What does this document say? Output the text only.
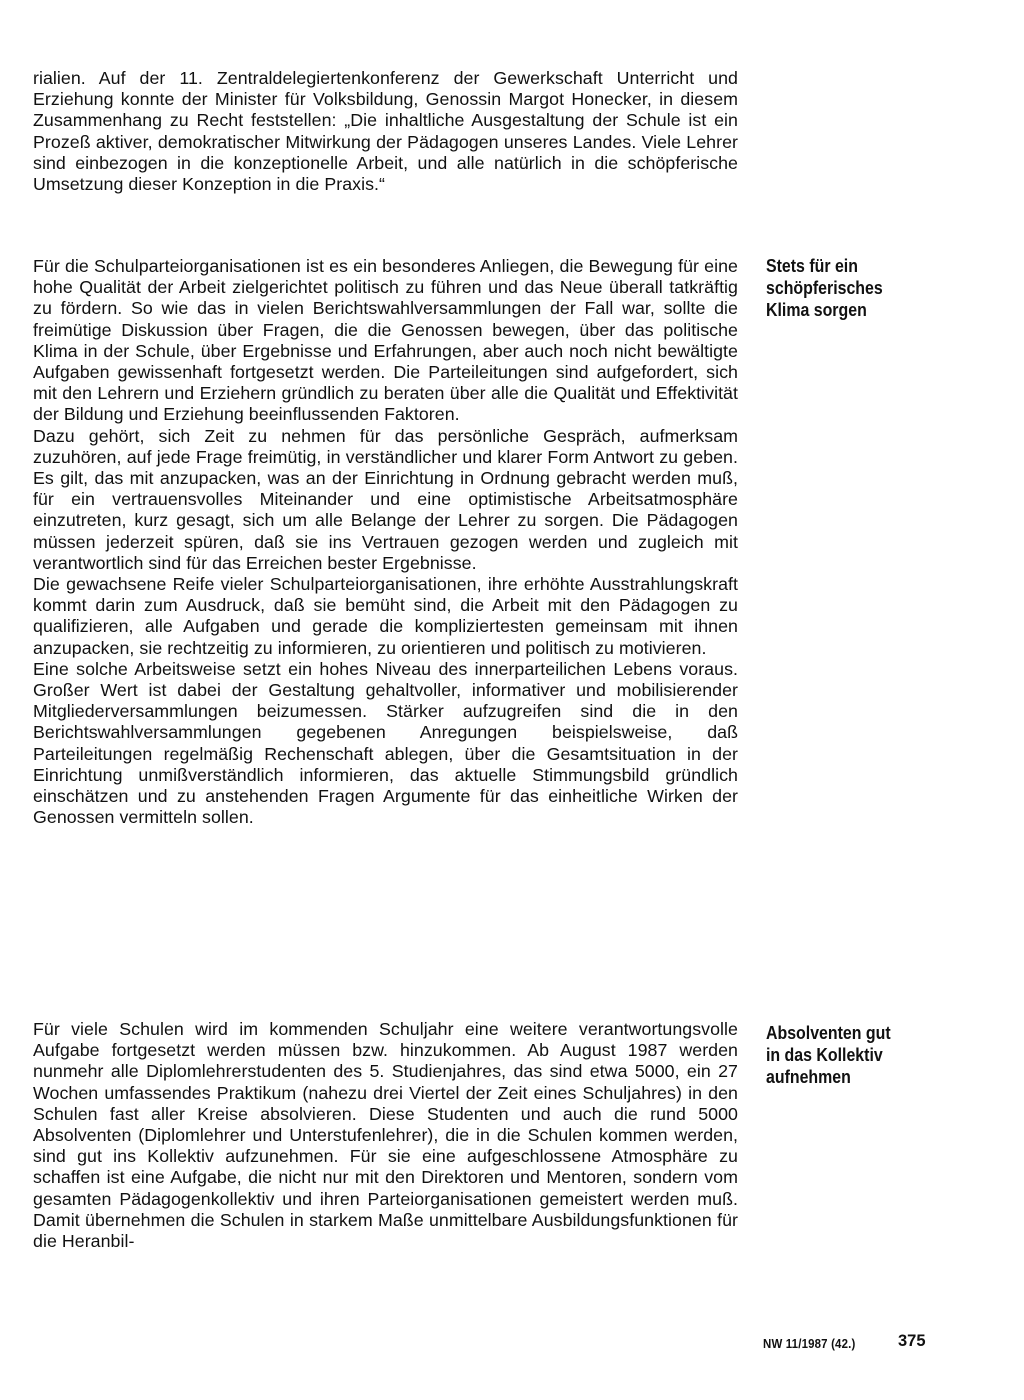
rialien. Auf der 11. Zentraldelegiertenkonferenz der Gewerkschaft Unterricht und Erziehung konnte der Minister für Volksbildung, Genossin Margot Honecker, in diesem Zusammenhang zu Recht feststellen: „Die inhaltliche Ausgestaltung der Schule ist ein Prozeß aktiver, demokratischer Mitwirkung der Pädagogen unseres Landes. Viele Lehrer sind einbezogen in die konzeptionelle Arbeit, und alle natürlich in die schöpferische Umsetzung dieser Konzeption in die Praxis.“

Stets für ein
schöpferisches
Klima sorgen

Für die Schulparteiorganisationen ist es ein besonderes Anliegen, die Bewegung für eine hohe Qualität der Arbeit zielgerichtet politisch zu führen und das Neue überall tatkräftig zu fördern. So wie das in vielen Berichtswahlversammlungen der Fall war, sollte die freimütige Diskussion über Fragen, die die Genossen bewegen, über das politische Klima in der Schule, über Ergebnisse und Erfahrungen, aber auch noch nicht bewältigte Aufgaben gewissenhaft fortgesetzt werden. Die Parteileitungen sind aufgefordert, sich mit den Lehrern und Erziehern gründlich zu beraten über alle die Qualität und Effektivität der Bildung und Erziehung beeinflussenden Faktoren.

Dazu gehört, sich Zeit zu nehmen für das persönliche Gespräch, aufmerksam zuzuhören, auf jede Frage freimütig, in verständlicher und klarer Form Antwort zu geben. Es gilt, das mit anzupacken, was an der Einrichtung in Ordnung gebracht werden muß, für ein vertrauensvolles Miteinander und eine optimistische Arbeitsatmosphäre einzutreten, kurz gesagt, sich um alle Belange der Lehrer zu sorgen. Die Pädagogen müssen jederzeit spüren, daß sie ins Vertrauen gezogen werden und zugleich mit verantwortlich sind für das Erreichen bester Ergebnisse.

Die gewachsene Reife vieler Schulparteiorganisationen, ihre erhöhte Ausstrahlungskraft kommt darin zum Ausdruck, daß sie bemüht sind, die Arbeit mit den Pädagogen zu qualifizieren, alle Aufgaben und gerade die kompliziertesten gemeinsam mit ihnen anzupacken, sie rechtzeitig zu informieren, zu orientieren und politisch zu motivieren.

Eine solche Arbeitsweise setzt ein hohes Niveau des innerparteilichen Lebens voraus. Großer Wert ist dabei der Gestaltung gehaltvoller, informativer und mobilisierender Mitgliederversammlungen beizumessen. Stärker aufzugreifen sind die in den Berichtswahlversammlungen gegebenen Anregungen beispielsweise, daß Parteileitungen regelmäßig Rechenschaft ablegen, über die Gesamtsituation in der Einrichtung unmißverständlich informieren, das aktuelle Stimmungsbild gründlich einschätzen und zu anstehenden Fragen Argumente für das einheitliche Wirken der Genossen vermitteln sollen.

Absolventen gut
in das Kollektiv
aufnehmen

Für viele Schulen wird im kommenden Schuljahr eine weitere verantwortungsvolle Aufgabe fortgesetzt werden müssen bzw. hinzukommen. Ab August 1987 werden nunmehr alle Diplomlehrerstudenten des 5. Studienjahres, das sind etwa 5000, ein 27 Wochen umfassendes Praktikum (nahezu drei Viertel der Zeit eines Schuljahres) in den Schulen fast aller Kreise absolvieren. Diese Studenten und auch die rund 5000 Absolventen (Diplomlehrer und Unterstufenlehrer), die in die Schulen kommen werden, sind gut ins Kollektiv aufzunehmen. Für sie eine aufgeschlossene Atmosphäre zu schaffen ist eine Aufgabe, die nicht nur mit den Direktoren und Mentoren, sondern vom gesamten Pädagogenkollektiv und ihren Parteiorganisationen gemeistert werden muß. Damit übernehmen die Schulen in starkem Maße unmittelbare Ausbildungsfunktionen für die Heranbil-

NW 11/1987 (42.)	375
